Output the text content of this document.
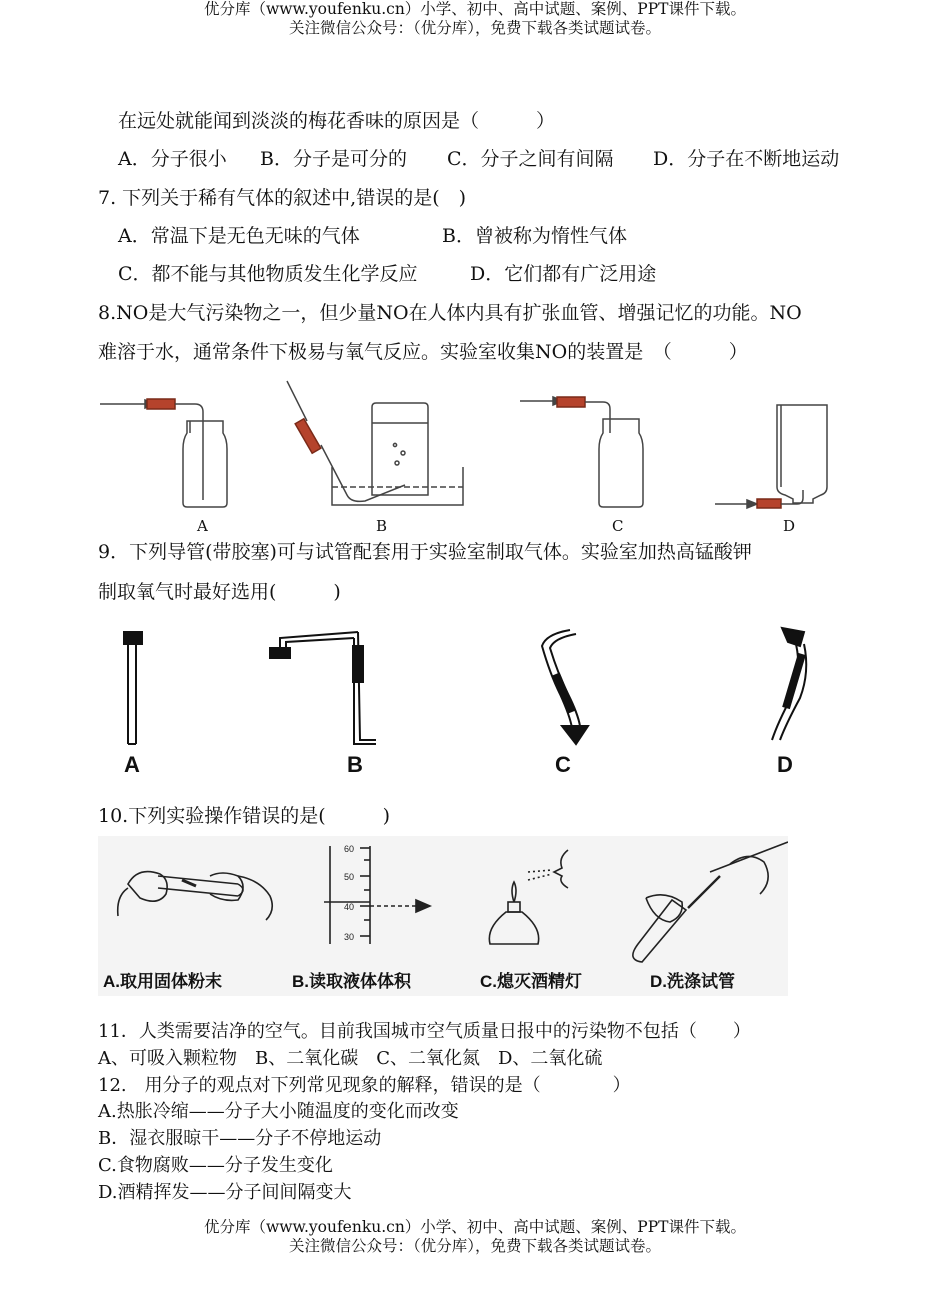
优分库（www.youfenku.cn）小学、初中、高中试题、案例、PPT课件下载。
关注微信公众号：（优分库），免费下载各类试题试卷。
在远处就能闻到淡淡的梅花香味的原因是（　　　）
A．分子很小 B．分子是可分的 C．分子之间有间隔 D．分子在不断地运动
7. 下列关于稀有气体的叙述中,错误的是(　)
A．常温下是无色无味的气体	B．曾被称为惰性气体
C．都不能与其他物质发生化学反应	D．它们都有广泛用途
8.NO是大气污染物之一，但少量NO在人体内具有扩张血管、增强记忆的功能。NO
难溶于水，通常条件下极易与氧气反应。实验室收集NO的装置是　（　　　）
A	B	C	D
9．下列导管(带胶塞)可与试管配套用于实验室制取气体。实验室加热高锰酸钾
制取氧气时最好选用(　　　)
A	B	C	D
10.下列实验操作错误的是(　　　)
60
50
40
30
A.取用固体粉末	B.读取液体体积	C.熄灭酒精灯	D.洗涤试管
11．人类需要洁净的空气。目前我国城市空气质量日报中的污染物不包括（　　）
A、可吸入颗粒物　B、二氧化碳　C、二氧化氮　D、二氧化硫
12.　用分子的观点对下列常见现象的解释，错误的是（　　　　）
A.热胀冷缩——分子大小随温度的变化而改变
B．湿衣服晾干——分子不停地运动
C.食物腐败——分子发生变化
D.酒精挥发——分子间间隔变大
优分库（www.youfenku.cn）小学、初中、高中试题、案例、PPT课件下载。
关注微信公众号：（优分库），免费下载各类试题试卷。
